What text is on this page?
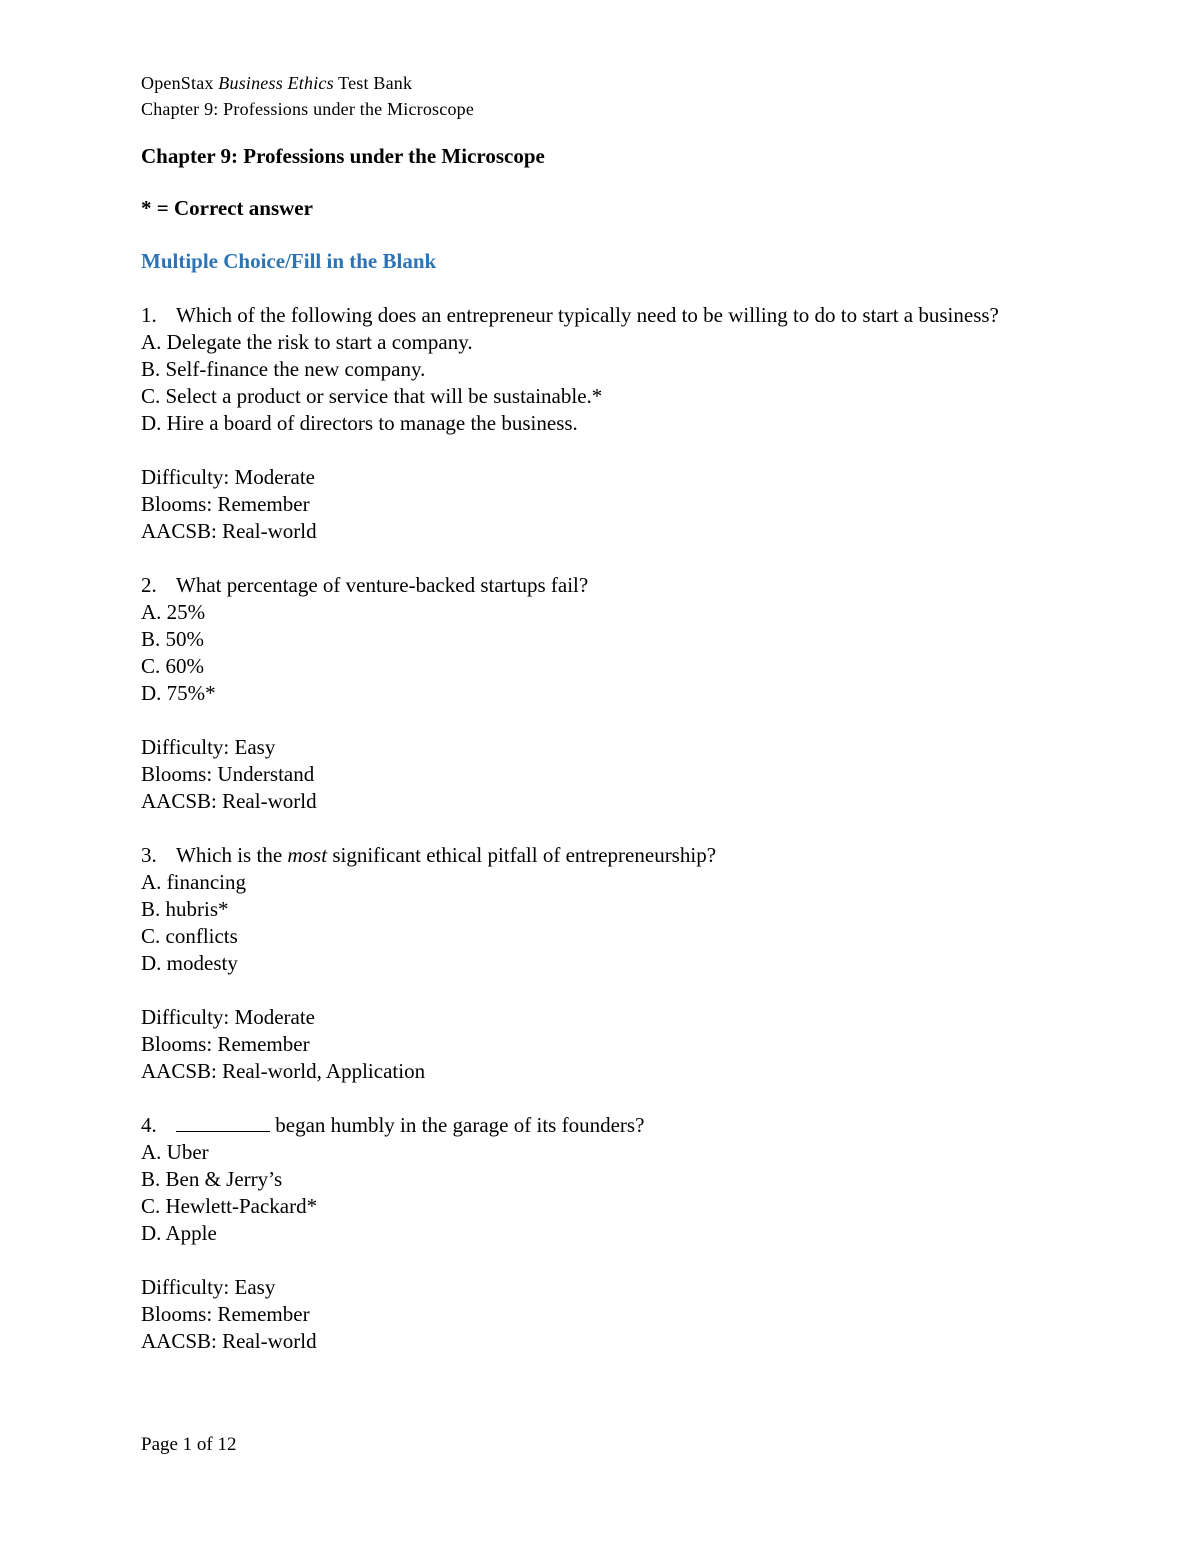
OpenStax Business Ethics Test Bank
Chapter 9: Professions under the Microscope
Chapter 9: Professions under the Microscope
* = Correct answer
Multiple Choice/Fill in the Blank
1. Which of the following does an entrepreneur typically need to be willing to do to start a business?
A. Delegate the risk to start a company.
B. Self-finance the new company.
C. Select a product or service that will be sustainable.*
D. Hire a board of directors to manage the business.
Difficulty: Moderate
Blooms: Remember
AACSB: Real-world
2. What percentage of venture-backed startups fail?
A. 25%
B. 50%
C. 60%
D. 75%*
Difficulty: Easy
Blooms: Understand
AACSB: Real-world
3. Which is the most significant ethical pitfall of entrepreneurship?
A. financing
B. hubris*
C. conflicts
D. modesty
Difficulty: Moderate
Blooms: Remember
AACSB: Real-world, Application
4.	began humbly in the garage of its founders?
A. Uber
B. Ben & Jerry’s
C. Hewlett-Packard*
D. Apple
Difficulty: Easy
Blooms: Remember
AACSB: Real-world
Page 1 of 12
